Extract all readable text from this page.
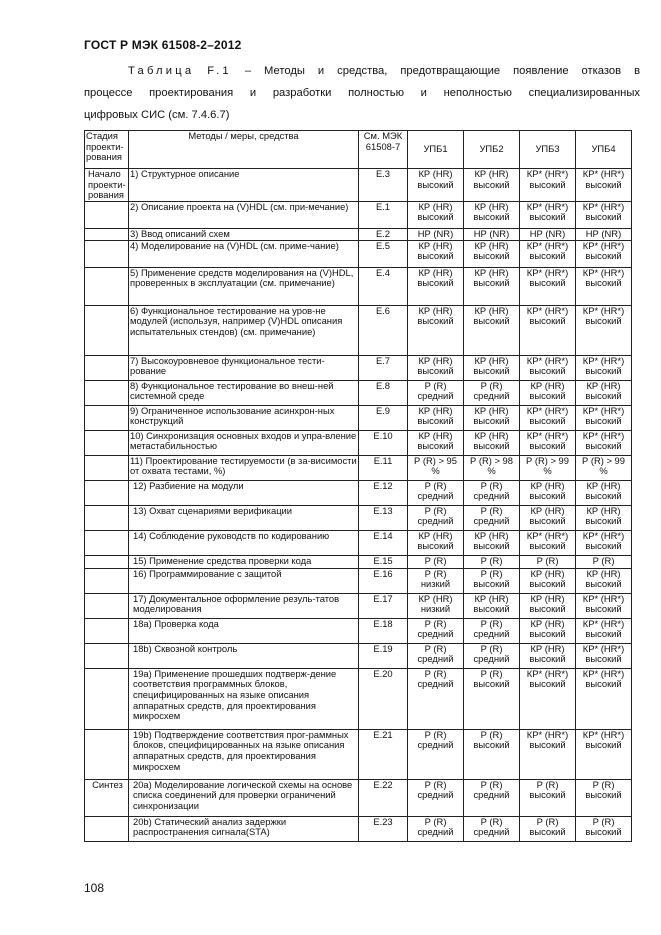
ГОСТ Р МЭК 61508-2–2012

Таблица F.1 – Методы и средства, предотвращающие появление отказов в

процессе проектирования и разработки полностью и неполностью специализированных

цифровых СИС (см. 7.4.6.7)

Стадия проекти-рования	Методы / меры, средства	См. МЭК 61508-7	УПБ1	УПБ2	УПБ3	УПБ4
Начало проекти-рования	1) Структурное описание	E.3	КР (HR) высокий	КР (HR) высокий	КР* (HR*) высокий	КР* (HR*) высокий
	2) Описание проекта на (V)HDL (см. при-мечание)	E.1	КР (HR) высокий	КР (HR) высокий	КР* (HR*) высокий	КР* (HR*) высокий
	3) Ввод описаний схем	E.2	НР (NR)	НР (NR)	НР (NR)	НР (NR)
	4) Моделирование на (V)HDL (см. приме-чание)	E.5	КР (HR) высокий	КР (HR) высокий	КР* (HR*) высокий	КР* (HR*) высокий
	5) Применение средств моделирования на (V)HDL, проверенных в эксплуатации (см. примечание)	E.4	КР (HR) высокий	КР (HR) высокий	КР* (HR*) высокий	КР* (HR*) высокий
	6) Функциональное тестирование на уров-не модулей (используя, например (V)HDL описания испытательных стендов) (см. примечание)	E.6	КР (HR) высокий	КР (HR) высокий	КР* (HR*) высокий	КР* (HR*) высокий
	7) Высокоуровневое функциональное тести-рование	E.7	КР (HR) высокий	КР (HR) высокий	КР* (HR*) высокий	КР* (HR*) высокий
	8) Функциональное тестирование во внеш-ней системной среде	E.8	Р (R) средний	Р (R) средний	КР (HR) высокий	КР (HR) высокий
	9) Ограниченное использование асинхрон-ных конструкций	E.9	КР (HR) высокий	КР (HR) высокий	КР* (HR*) высокий	КР* (HR*) высокий
	10) Синхронизация основных входов и упра-вление метастабильностью	E.10	КР (HR) высокий	КР (HR) высокий	КР* (HR*) высокий	КР* (HR*) высокий
	11) Проектирование тестируемости (в за-висимости от охвата тестами, %)	E.11	Р (R) > 95 %	Р (R) > 98 %	Р (R) > 99 %	Р (R) > 99 %
	12) Разбиение на модули	E.12	Р (R) средний	Р (R) средний	КР (HR) высокий	КР (HR) высокий
	13) Охват сценариями верификации	E.13	Р (R) средний	Р (R) средний	КР (HR) высокий	КР (HR) высокий
	14) Соблюдение руководств по кодированию	E.14	КР (HR) высокий	КР (HR) высокий	КР* (HR*) высокий	КР* (HR*) высокий
	15) Применение средства проверки кода	E.15	Р (R)	Р (R)	Р (R)	Р (R)
	16) Программирование с защитой	E.16	Р (R) низкий	Р (R) высокий	КР (HR) высокий	КР (HR) высокий
	17) Документальное оформление резуль-татов моделирования	E.17	КР (HR) низкий	КР (HR) высокий	КР (HR) высокий	КР* (HR*) высокий
	18а) Проверка кода	E.18	Р (R) средний	Р (R) средний	КР (HR) высокий	КР* (HR*) высокий
	18b) Сквозной контроль	E.19	Р (R) средний	Р (R) средний	КР (HR) высокий	КР* (HR*) высокий
	19а) Применение прошедших подтверж-дение соответствия программных блоков, специфицированных на языке описания аппаратных средств, для проектирования микросхем	E.20	Р (R) средний	Р (R) высокий	КР* (HR*) высокий	КР* (HR*) высокий
	19b) Подтверждение соответствия прог-раммных блоков, специфицированных на языке описания аппаратных средств, для проектирования микросхем	E.21	Р (R) средний	Р (R) высокий	КР* (HR*) высокий	КР* (HR*) высокий
Синтез	20а) Моделирование логической схемы на основе списка соединений для проверки ограничений синхронизации	E.22	Р (R) средний	Р (R) средний	Р (R) высокий	Р (R) высокий
	20b) Статический анализ задержки распространения сигнала(STA)	E.23	Р (R) средний	Р (R) средний	Р (R) высокий	Р (R) высокий
108
